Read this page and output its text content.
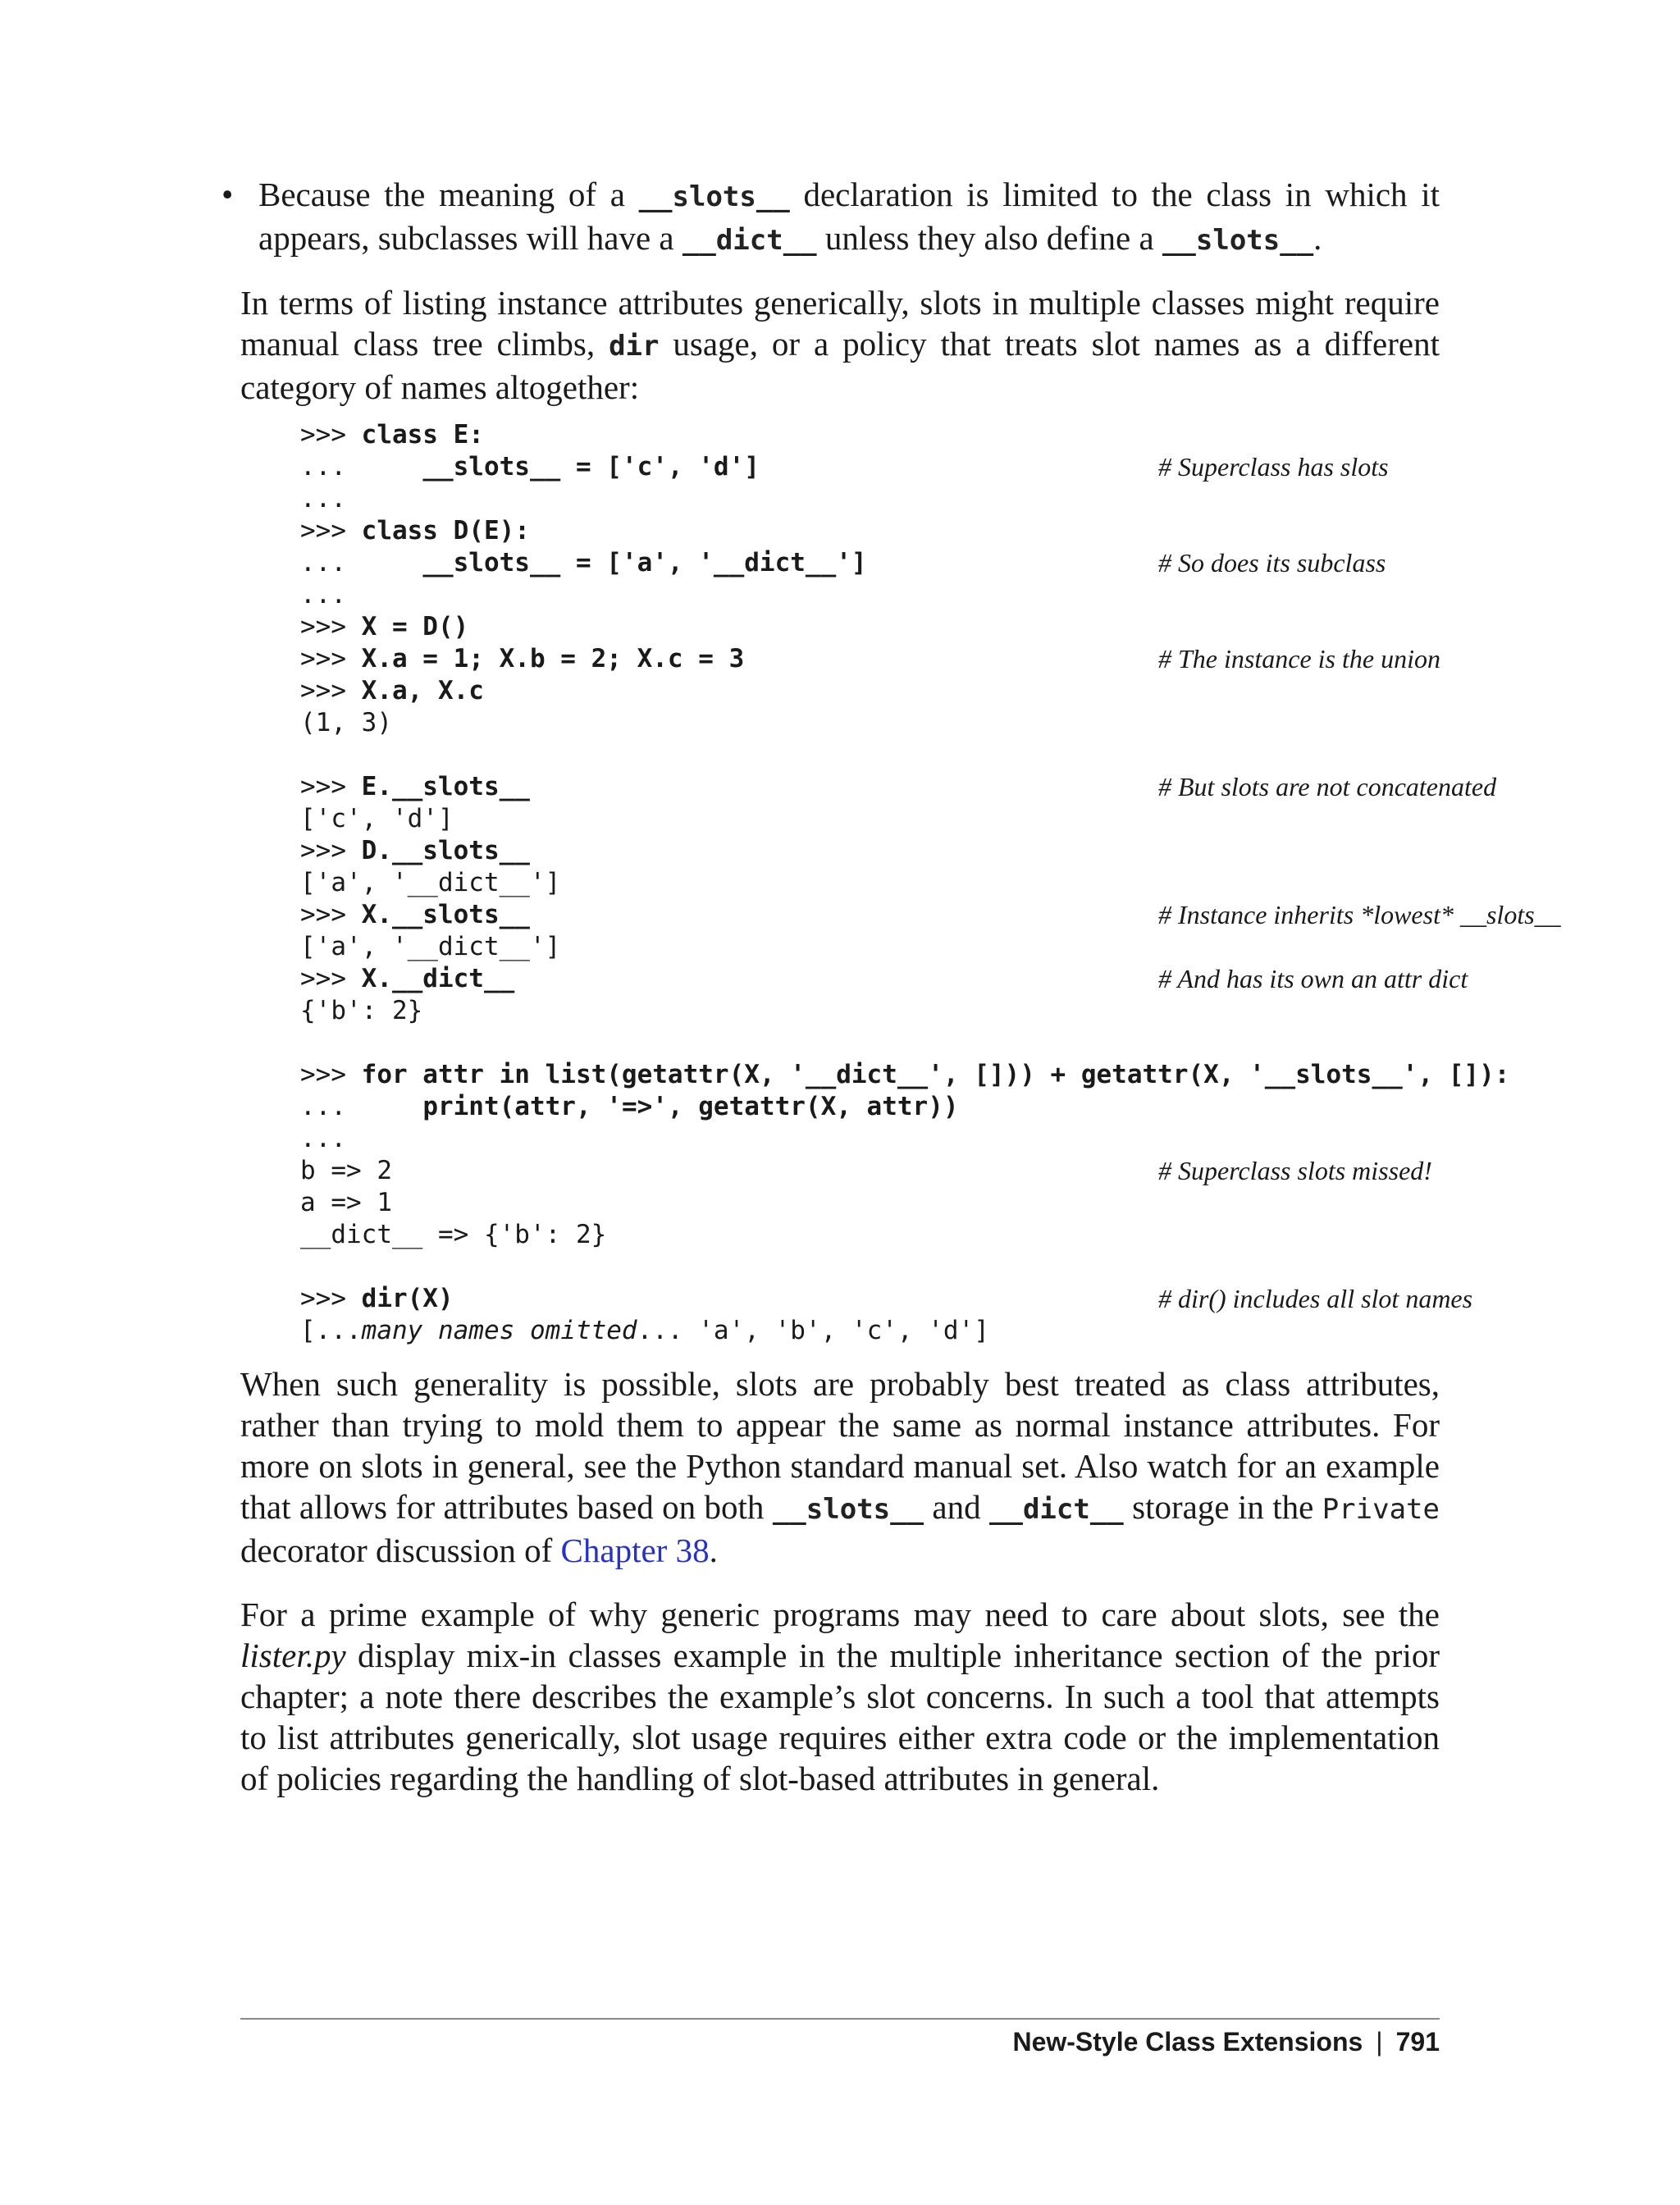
• Because the meaning of a __slots__ declaration is limited to the class in which it appears, subclasses will have a __dict__ unless they also define a __slots__.

In terms of listing instance attributes generically, slots in multiple classes might require manual class tree climbs, dir usage, or a policy that treats slot names as a different category of names altogether:

>>> class E:
...     __slots__ = ['c', 'd']	# Superclass has slots
...
>>> class D(E):
...     __slots__ = ['a', '__dict__']	# So does its subclass
...
>>> X = D()
>>> X.a = 1; X.b = 2; X.c = 3	# The instance is the union
>>> X.a, X.c
(1, 3)
>>> E.__slots__	# But slots are not concatenated
['c', 'd']
>>> D.__slots__
['a', '__dict__']
>>> X.__slots__	# Instance inherits *lowest* __slots__
['a', '__dict__']
>>> X.__dict__	# And has its own an attr dict
{'b': 2}
>>> for attr in list(getattr(X, '__dict__', [])) + getattr(X, '__slots__', []):
...     print(attr, '=>', getattr(X, attr))
...
b => 2	# Superclass slots missed!
a => 1
__dict__ => {'b': 2}
>>> dir(X)	# dir() includes all slot names
[...many names omitted... 'a', 'b', 'c', 'd']

When such generality is possible, slots are probably best treated as class attributes, rather than trying to mold them to appear the same as normal instance attributes. For more on slots in general, see the Python standard manual set. Also watch for an example that allows for attributes based on both __slots__ and __dict__ storage in the Private decorator discussion of Chapter 38.

For a prime example of why generic programs may need to care about slots, see the lister.py display mix-in classes example in the multiple inheritance section of the prior chapter; a note there describes the example’s slot concerns. In such a tool that attempts to list attributes generically, slot usage requires either extra code or the implementation of policies regarding the handling of slot-based attributes in general.

New-Style Class Extensions | 791
